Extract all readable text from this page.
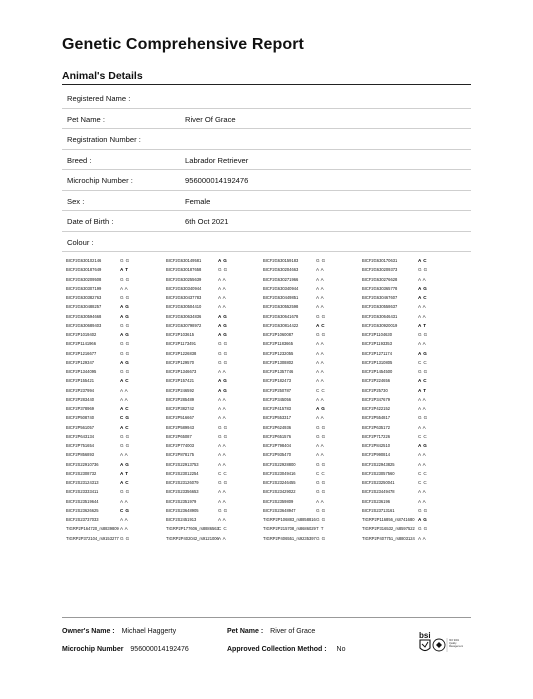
Genetic Comprehensive Report
Animal's Details
Registered Name :
Pet Name :	River Of Grace
Registration Number :
Breed :	Labrador Retriever
Microchip Number :	956000014192476
Sex :	Female
Date of Birth :	6th Oct 2021
Colour :
BICF2G630102146	G G	BICF2G630149581	A G	BICF2G630159183	G G	BICF2G630170631	A C
BICF2G630187649	A T	BICF2G630187658	G G	BICF2G630204663	A A	BICF2G630209373	G G
BICF2G630209508	G G	BICF2G630255639	A A	BICF2G630271966	A A	BICF2G630276628	A A
BICF2G630307199	A A	BICF2G630340944	A A	BICF2G630340944	A A	BICF2G630365778	A G
BICF2G630382763	G G	BICF2G630437783	A A	BICF2G630449851	A A	BICF2G630467607	A C
BICF2G630488257	A G	BICF2G630504410	A A	BICF2G630552598	A A	BICF2G630558637	A A
BICF2G630594668	A G	BICF2G630634836	A G	BICF2G630641678	G G	BICF2G630646431	A A
BICF2G630689403	G G	BICF2G630798972	A G	BICF2G630814422	A C	BICF2G630920019	A T
BICF2P1019402	A G	BICF2P103615	A G	BICF2P1060087	G G	BICF2P1104630	G G
BICF2P1141966	G G	BICF2P1173491	G G	BICF2P1183665	A A	BICF2P1193353	A A
BICF2P1216677	G G	BICF2P1226838	G G	BICF2P1232055	A A	BICF2P1271174	A G
BICF2P129347	A G	BICF2P129570	G G	BICF2P1308802	A A	BICF2P1310805	C C
BICF2P1344095	G G	BICF2P1346673	A A	BICF2P1357746	A A	BICF2P1454500	G G
BICF2P155421	A C	BICF2P157421	A G	BICF2P182473	A A	BICF2P224656	A C
BICF2P237994	A A	BICF2P246592	A G	BICF2P250787	C C	BICF2P25730	A T
BICF2P283440	A A	BICF2P285489	A A	BICF2P345056	A A	BICF2P347679	A A
BICF2P378969	A C	BICF2P382742	A A	BICF2P415783	A G	BICF2P422152	A A
BICF2P508740	C G	BICF2P516667	A A	BICF2P553317	A A	BICF2P554817	G G
BICF2P561057	A C	BICF2P589943	G G	BICF2P624936	G G	BICF2P635172	A A
BICF2P643134	G G	BICF2P65087	G G	BICF2P651576	G G	BICF2P717226	C C
BICF2P751654	G G	BICF2P774003	A A	BICF2P798404	A A	BICF2P842510	A G
BICF2P856893	A A	BICF2P878175	A A	BICF2P935470	A A	BICF2P990814	A A
BICF2S22910736	A G	BICF2S22913753	A A	BICF2S22928800	G G	BICF2S22943825	A A
BICF2S2308732	A T	BICF2S23012254	C C	BICF2S23049416	C C	BICF2S23057560	C C
BICF2S23124313	A C	BICF2S23126079	G G	BICF2S23246455	G G	BICF2S23250041	C C
BICF2S23333411	G G	BICF2S23356653	A A	BICF2S23429022	G G	BICF2S23449478	A A
BICF2S23519644	A A	BICF2S2351979	A A	BICF2S2359809	A A	BICF2S236196	A A
BICF2S23626625	C G	BICF2S23648905	G G	BICF2S23648947	G G	BICF2S23713161	G G
BICF2S23737033	A A	BICF2S2451913	A A	TIGRP2P106883_rs8858816 G G	TIGRP2P116856_rs8741680 A G
TIGRP2P164720_rs8839809 A A	TIGRP2P177606_rs8886563 C C	TIGRP2P215708_rs8686029 T T	TIGRP2P316532_rs8597522 G G
TIGRP2P372104_rs9153277 G G	TIGRP2P402042_rs9121006 A A	TIGRP2P406551_rs9235397 G G	TIGRP2P407751_rs8803124 A A
Owner's Name : Michael Haggerty	Pet Name : River of Grace
Microchip Number 956000014192476	Approved Collection Method : No
bsi
ISO 9001
Quality
Management
